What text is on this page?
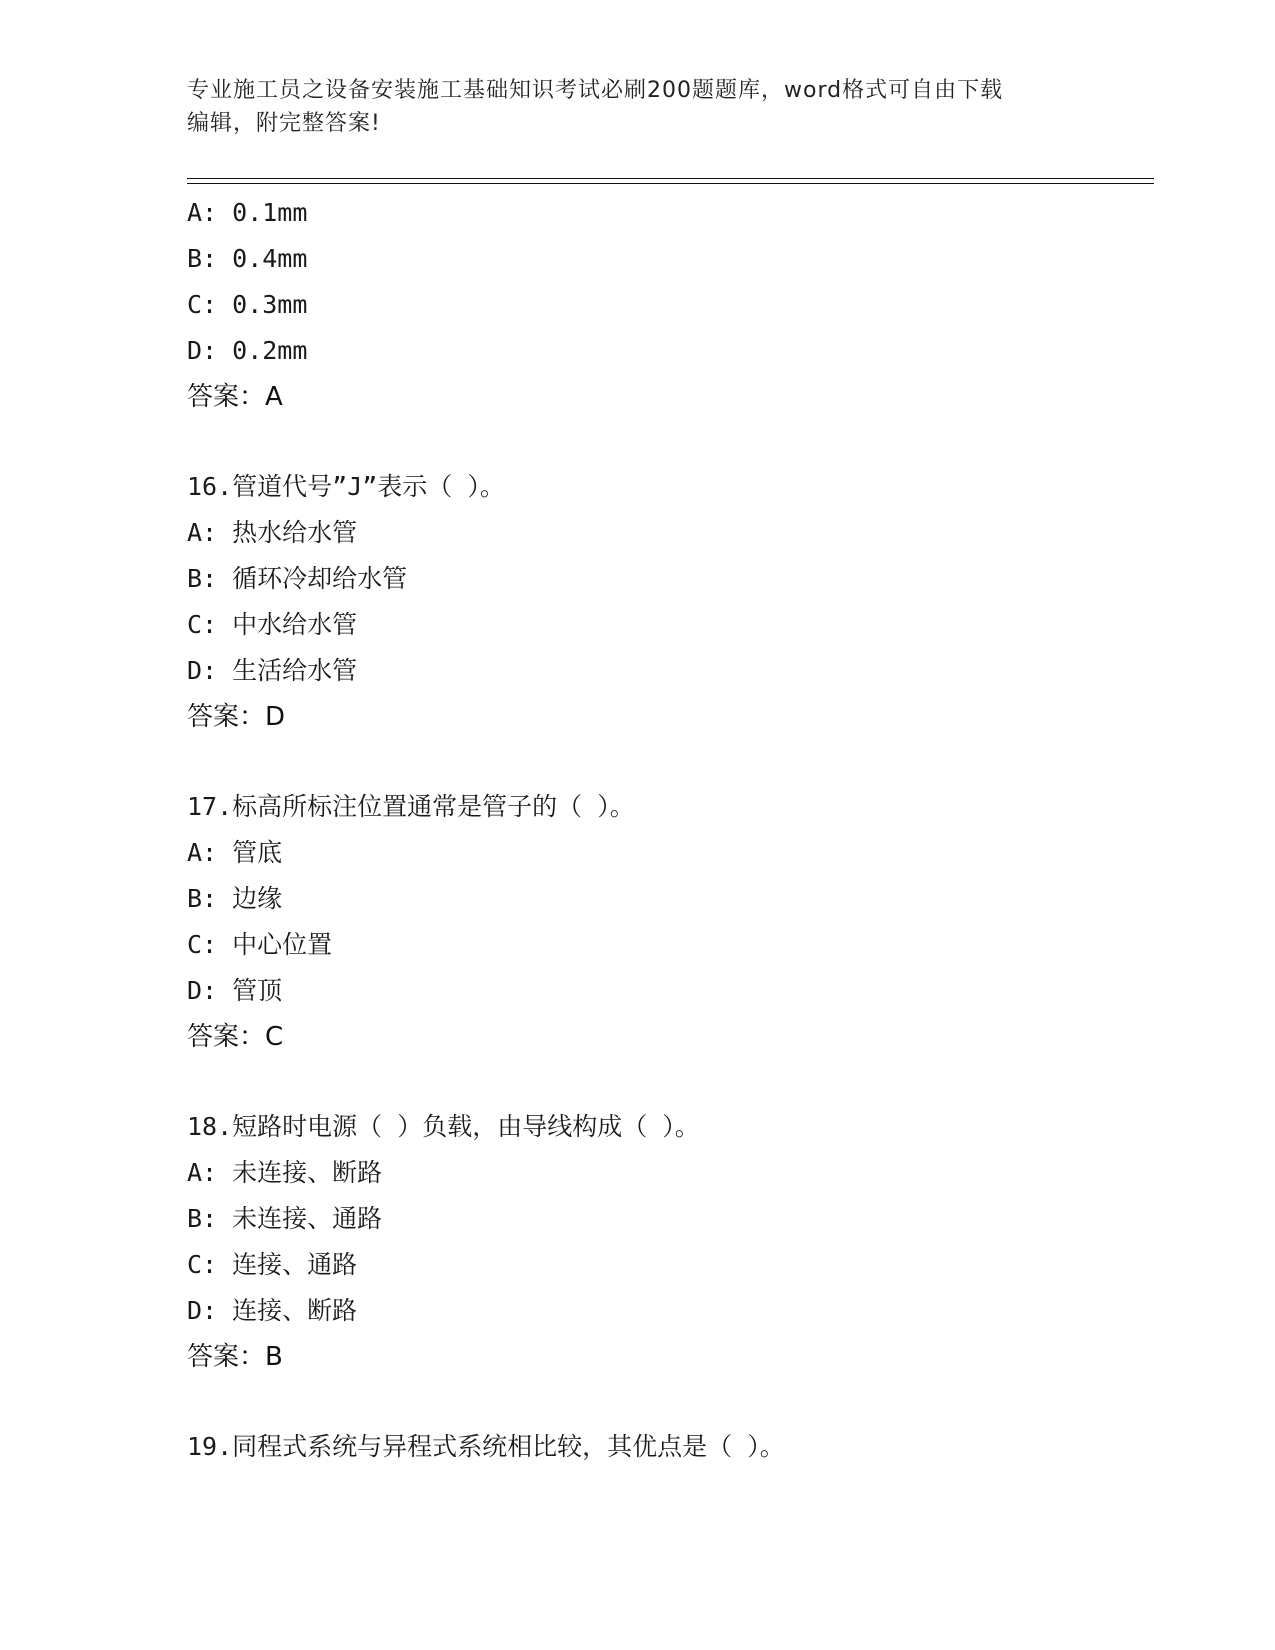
专业施工员之设备安装施工基础知识考试必刷200题题库，word格式可自由下载
编辑，附完整答案!
A: 0.1mm
B: 0.4mm
C: 0.3mm
D: 0.2mm
答案：A
16.管道代号”J”表示（ ）。
A: 热水给水管
B: 循环冷却给水管
C: 中水给水管
D: 生活给水管
答案：D
17.标高所标注位置通常是管子的（ ）。
A: 管底
B: 边缘
C: 中心位置
D: 管顶
答案：C
18.短路时电源（ ）负载，由导线构成（ ）。
A: 未连接、断路
B: 未连接、通路
C: 连接、通路
D: 连接、断路
答案：B
19.同程式系统与异程式系统相比较，其优点是（ ）。
